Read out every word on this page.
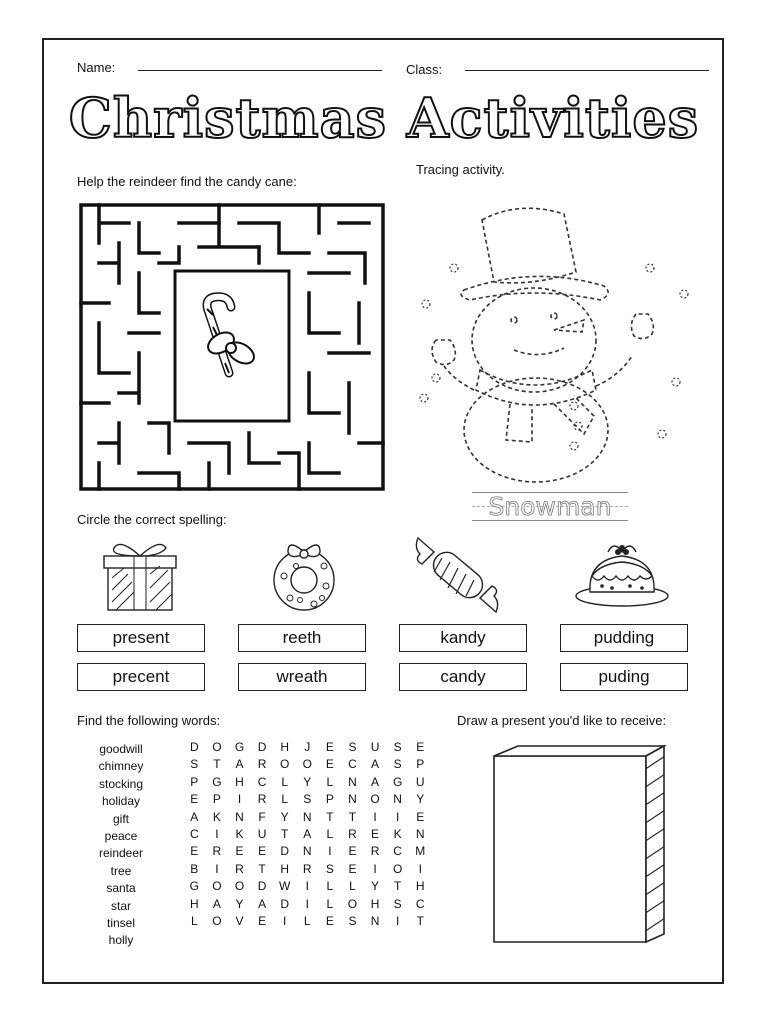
Name:	Class:
Christmas Activities
Help the reindeer find the candy cane:
Tracing activity.
Snowman
Circle the correct spelling:
present
precent
reeth
wreath
kandy
candy
pudding
puding
Find the following words:
goodwill
chimney
stocking
holiday
gift
peace
reindeer
tree
santa
star
tinsel
holly
D	O	G	D	H	J	E	S	U	S	E
S	T	A	R	O	O	E	C	A	S	P
P	G	H	C	L	Y	L	N	A	G	U
E	P	I	R	L	S	P	N	O	N	Y
A	K	N	F	Y	N	T	T	I	I	E
C	I	K	U	T	A	L	R	E	K	N
E	R	E	E	D	N	I	E	R	C	M
B	I	R	T	H	R	S	E	I	O	I
G	O	O	D	W	I	L	L	Y	T	H
H	A	Y	A	D	I	L	O	H	S	C
L	O	V	E	I	L	E	S	N	I	T
Draw a present you'd like to receive:
